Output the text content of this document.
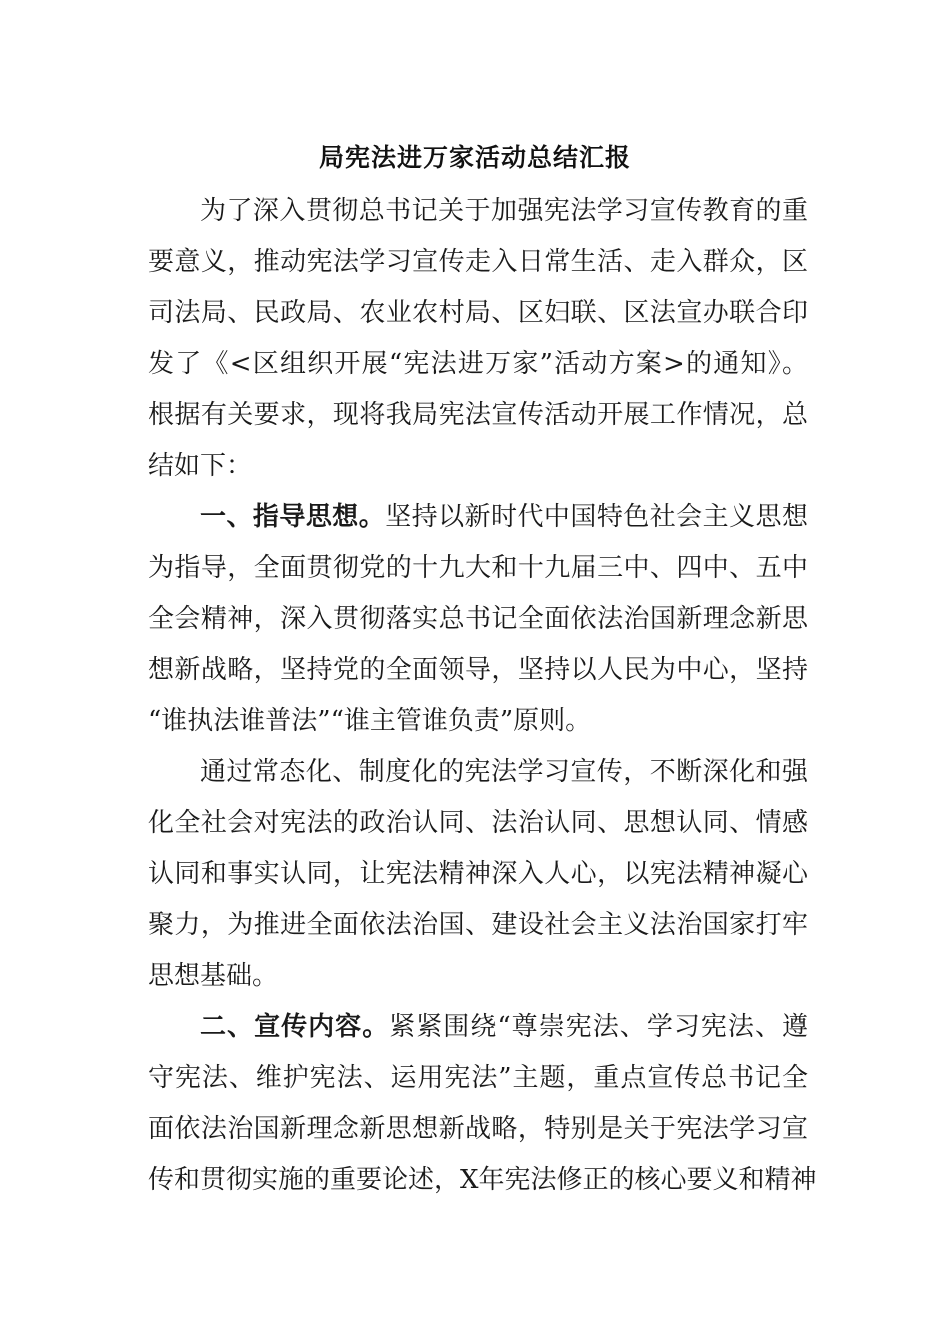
局宪法进万家活动总结汇报
为了深入贯彻总书记关于加强宪法学习宣传教育的重
要意义，推动宪法学习宣传走入日常生活、走入群众，区
司法局、民政局、农业农村局、区妇联、区法宣办联合印
发了《<区组织开展“宪法进万家”活动方案>的通知》。
根据有关要求，现将我局宪法宣传活动开展工作情况，总
结如下：
一、指导思想。坚持以新时代中国特色社会主义思想
为指导，全面贯彻党的十九大和十九届三中、四中、五中
全会精神，深入贯彻落实总书记全面依法治国新理念新思
想新战略，坚持党的全面领导，坚持以人民为中心，坚持
“谁执法谁普法”“谁主管谁负责”原则。
通过常态化、制度化的宪法学习宣传，不断深化和强
化全社会对宪法的政治认同、法治认同、思想认同、情感
认同和事实认同，让宪法精神深入人心，以宪法精神凝心
聚力，为推进全面依法治国、建设社会主义法治国家打牢
思想基础。
二、宣传内容。紧紧围绕“尊崇宪法、学习宪法、遵
守宪法、维护宪法、运用宪法”主题，重点宣传总书记全
面依法治国新理念新思想新战略，特别是关于宪法学习宣
传和贯彻实施的重要论述，X年宪法修正的核心要义和精神
